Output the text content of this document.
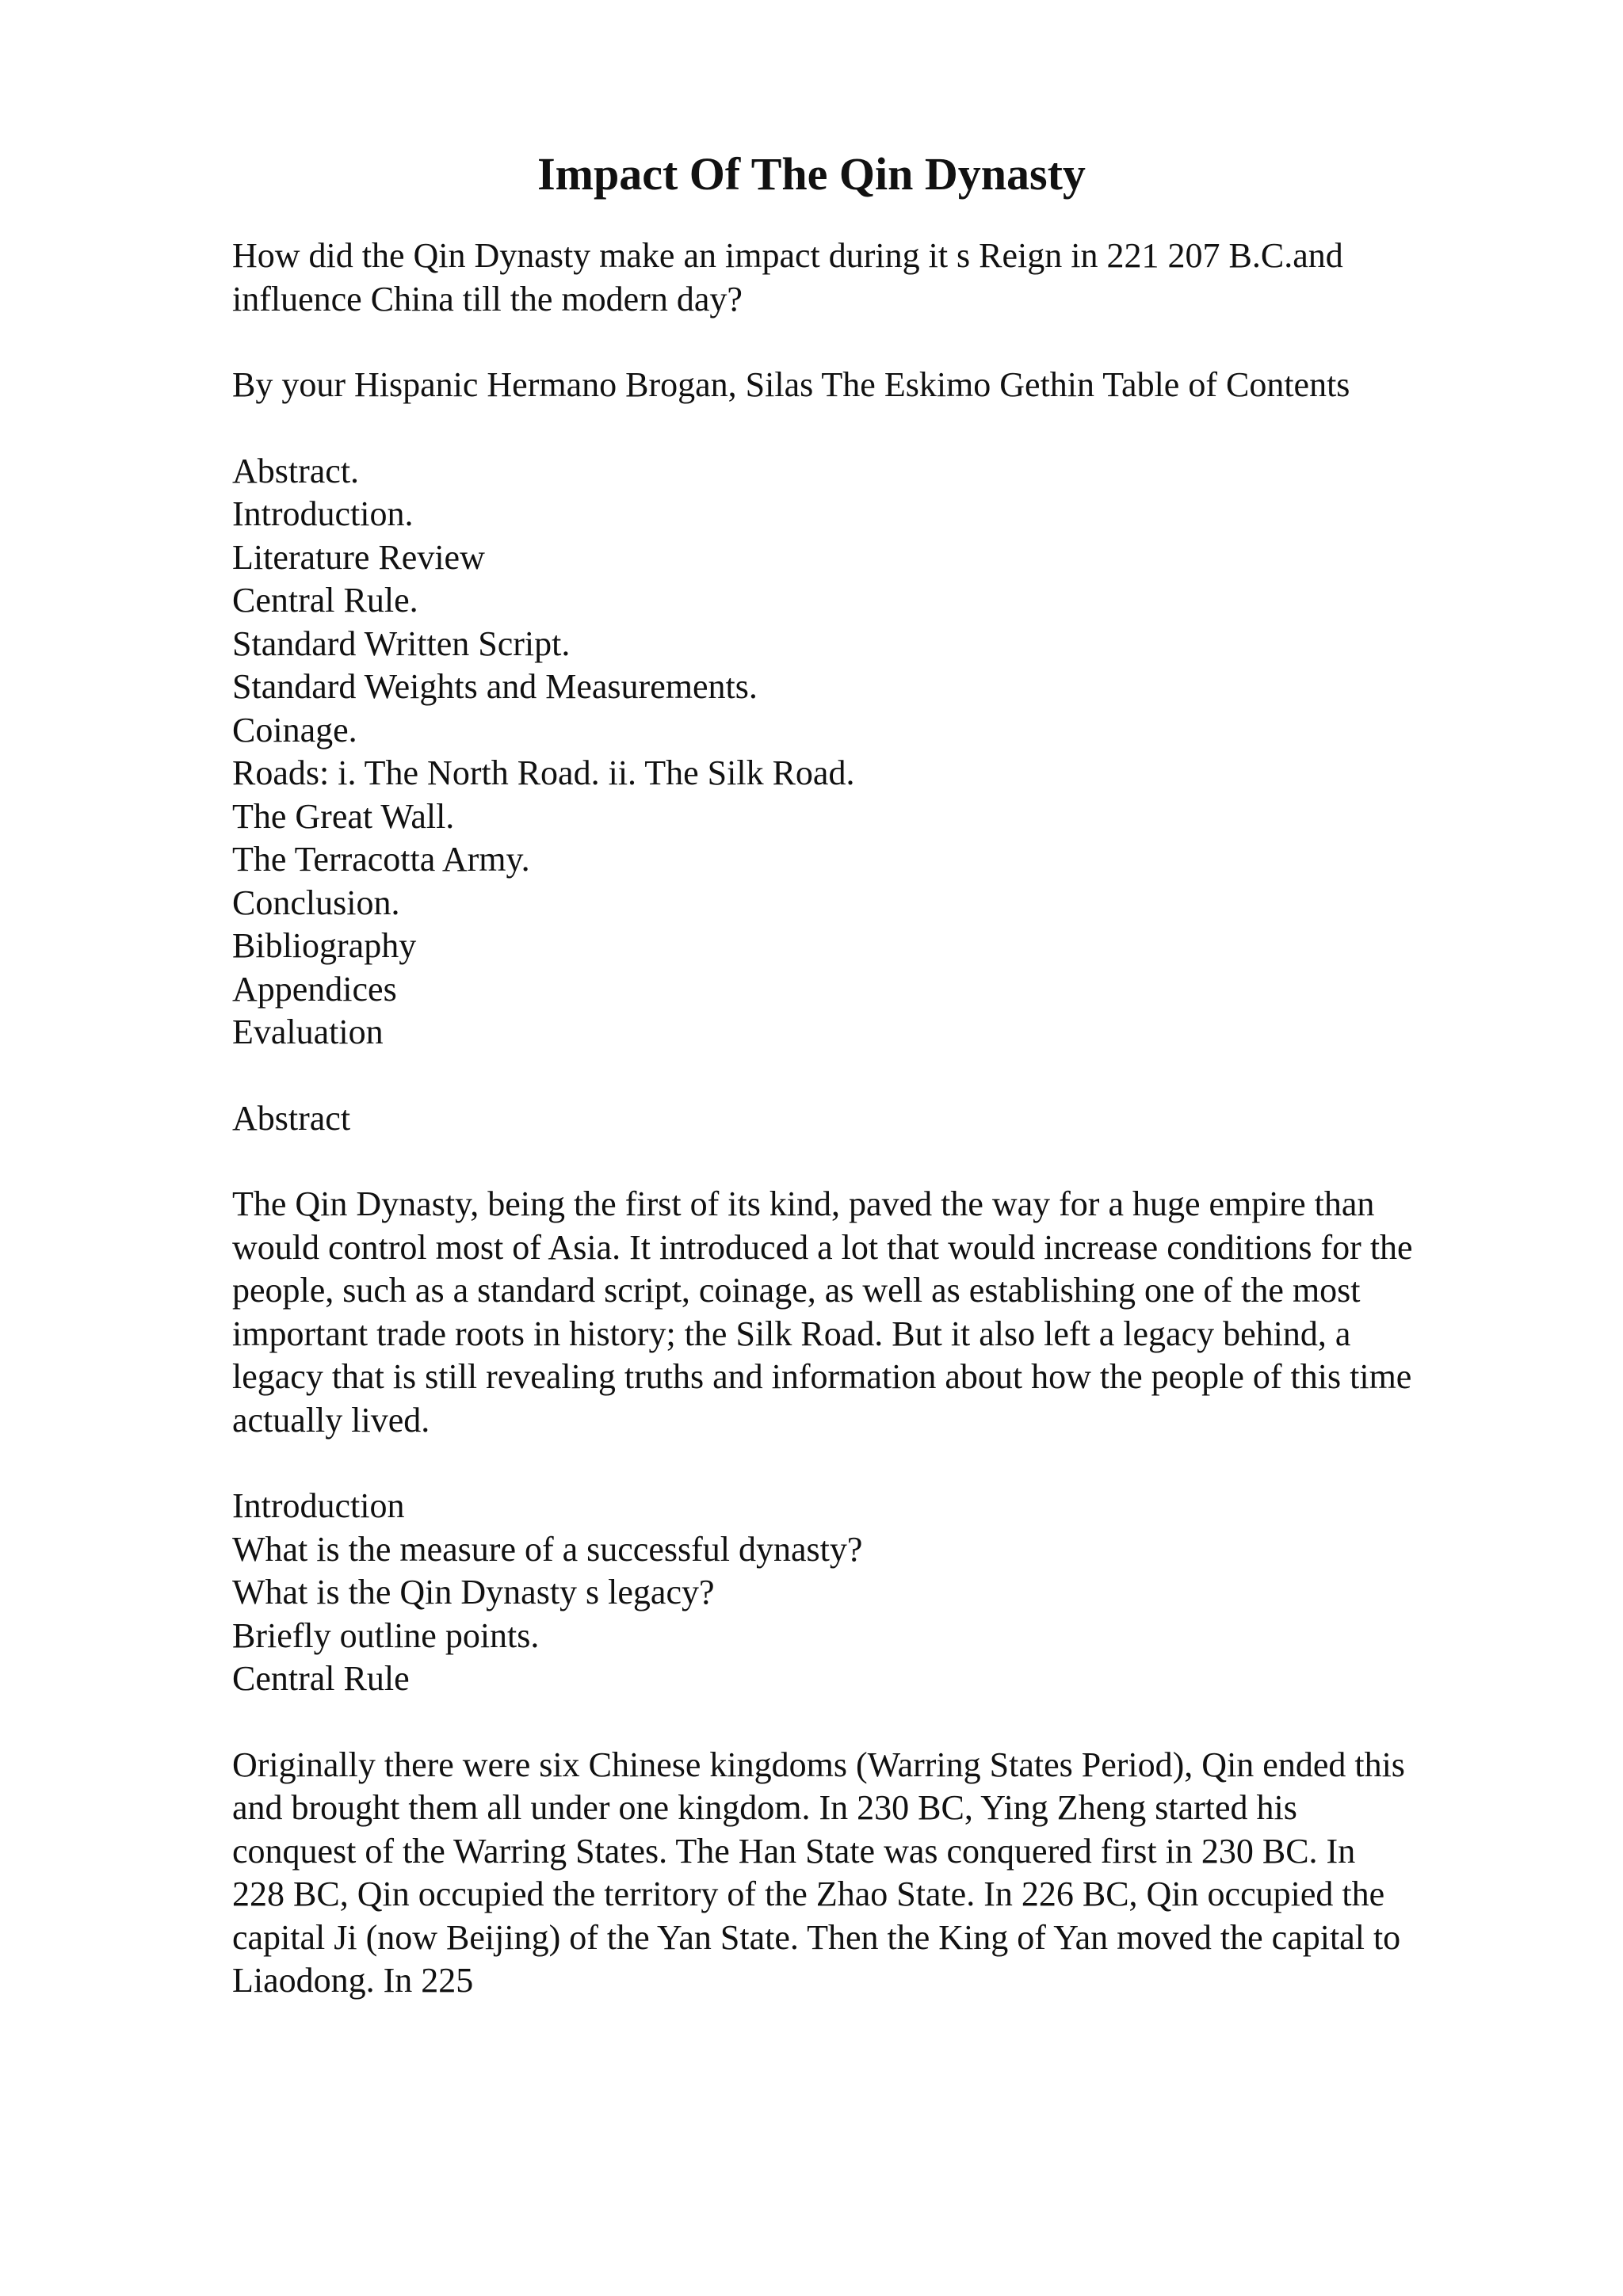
Impact Of The Qin Dynasty
How did the Qin Dynasty make an impact during it s Reign in 221 207 B.C.and
influence China till the modern day?
By your Hispanic Hermano Brogan, Silas The Eskimo Gethin Table of Contents
Abstract.
Introduction.
Literature Review
Central Rule.
Standard Written Script.
Standard Weights and Measurements.
Coinage.
Roads: i. The North Road. ii. The Silk Road.
The Great Wall.
The Terracotta Army.
Conclusion.
Bibliography
Appendices
Evaluation
Abstract
The Qin Dynasty, being the first of its kind, paved the way for a huge empire than
would control most of Asia. It introduced a lot that would increase conditions for the
people, such as a standard script, coinage, as well as establishing one of the most
important trade roots in history; the Silk Road. But it also left a legacy behind, a
legacy that is still revealing truths and information about how the people of this time
actually lived.
Introduction
What is the measure of a successful dynasty?
What is the Qin Dynasty s legacy?
Briefly outline points.
Central Rule
Originally there were six Chinese kingdoms (Warring States Period), Qin ended this
and brought them all under one kingdom. In 230 BC, Ying Zheng started his
conquest of the Warring States. The Han State was conquered first in 230 BC. In
228 BC, Qin occupied the territory of the Zhao State. In 226 BC, Qin occupied the
capital Ji (now Beijing) of the Yan State. Then the King of Yan moved the capital to
Liaodong. In 225
